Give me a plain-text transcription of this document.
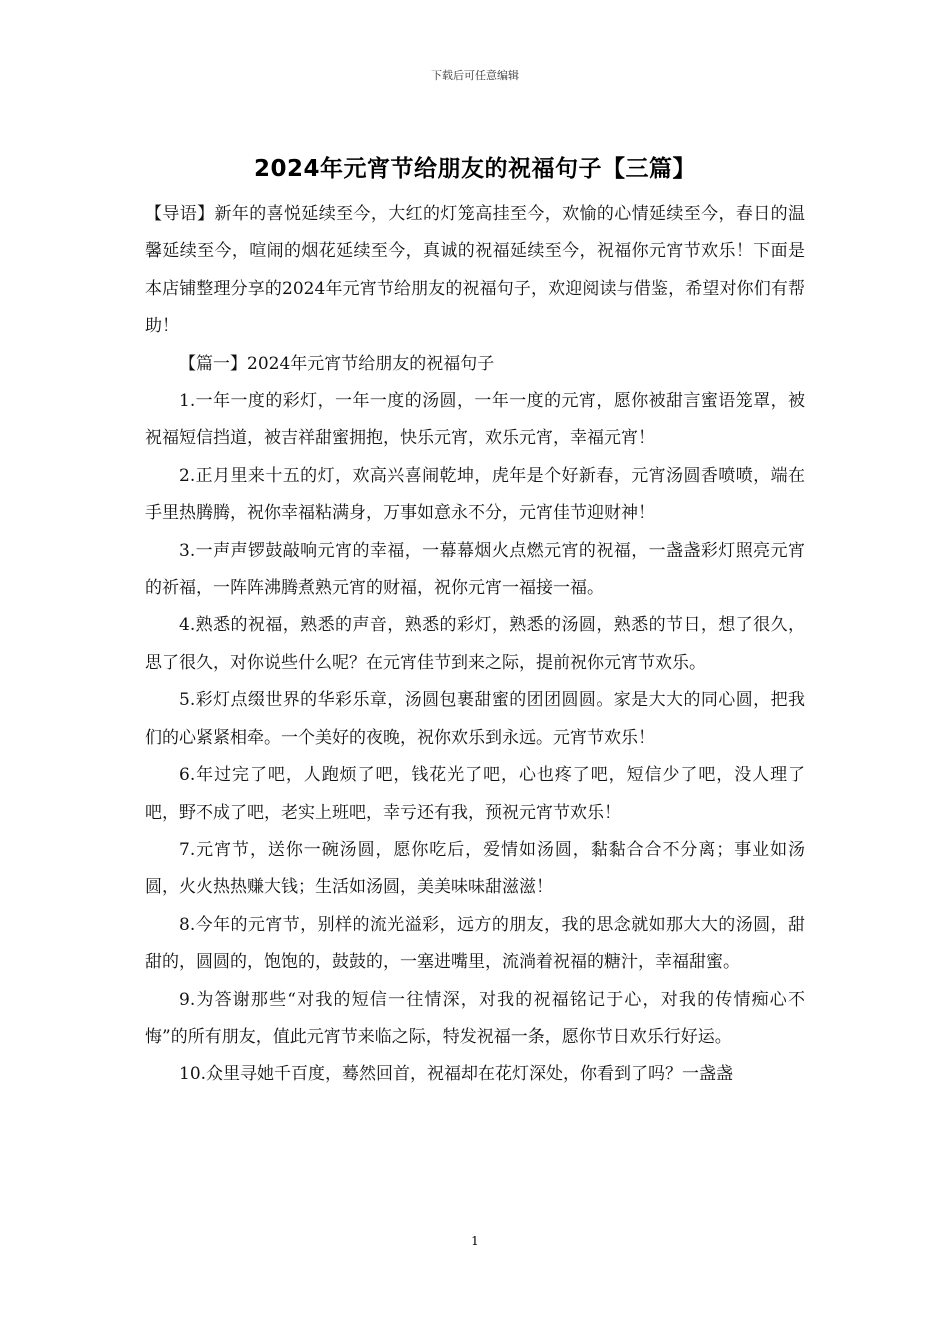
下载后可任意编辑
2024年元宵节给朋友的祝福句子【三篇】

【导语】新年的喜悦延续至今，大红的灯笼高挂至今，欢愉的心情延续至今，春日的温馨延续至今，喧闹的烟花延续至今，真诚的祝福延续至今，祝福你元宵节欢乐！下面是本店铺整理分享的2024年元宵节给朋友的祝福句子，欢迎阅读与借鉴，希望对你们有帮助！

【篇一】2024年元宵节给朋友的祝福句子

1.一年一度的彩灯，一年一度的汤圆，一年一度的元宵，愿你被甜言蜜语笼罩，被祝福短信挡道，被吉祥甜蜜拥抱，快乐元宵，欢乐元宵，幸福元宵！

2.正月里来十五的灯，欢高兴喜闹乾坤，虎年是个好新春，元宵汤圆香喷喷，端在手里热腾腾，祝你幸福粘满身，万事如意永不分，元宵佳节迎财神！

3.一声声锣鼓敲响元宵的幸福，一幕幕烟火点燃元宵的祝福，一盏盏彩灯照亮元宵的祈福，一阵阵沸腾煮熟元宵的财福，祝你元宵一福接一福。

4.熟悉的祝福，熟悉的声音，熟悉的彩灯，熟悉的汤圆，熟悉的节日，想了很久，思了很久，对你说些什么呢？在元宵佳节到来之际，提前祝你元宵节欢乐。

5.彩灯点缀世界的华彩乐章，汤圆包裹甜蜜的团团圆圆。家是大大的同心圆，把我们的心紧紧相牵。一个美好的夜晚，祝你欢乐到永远。元宵节欢乐！

6.年过完了吧，人跑烦了吧，钱花光了吧，心也疼了吧，短信少了吧，没人理了吧，野不成了吧，老实上班吧，幸亏还有我，预祝元宵节欢乐！

7.元宵节，送你一碗汤圆，愿你吃后，爱情如汤圆，黏黏合合不分离；事业如汤圆，火火热热赚大钱；生活如汤圆，美美味味甜滋滋！

8.今年的元宵节，别样的流光溢彩，远方的朋友，我的思念就如那大大的汤圆，甜甜的，圆圆的，饱饱的，鼓鼓的，一塞进嘴里，流淌着祝福的糖汁，幸福甜蜜。

9.为答谢那些“对我的短信一往情深，对我的祝福铭记于心，对我的传情痴心不悔”的所有朋友，值此元宵节来临之际，特发祝福一条，愿你节日欢乐行好运。

10.众里寻她千百度，蓦然回首，祝福却在花灯深处，你看到了吗？一盏盏

1
